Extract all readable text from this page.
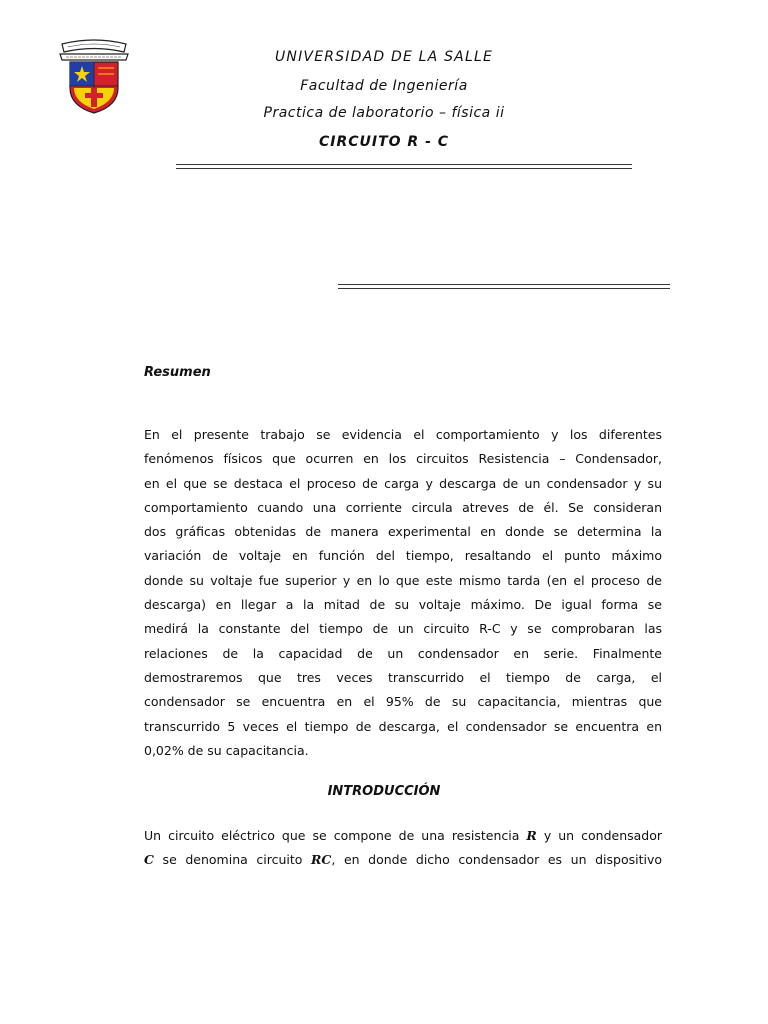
UNIVERSIDAD DE LA SALLE
Facultad de Ingeniería
Practica de laboratorio – física ii
CIRCUITO R - C
Resumen
En el presente trabajo se evidencia el comportamiento y los diferentes
fenómenos físicos que ocurren en los circuitos Resistencia – Condensador,
en el que se destaca el proceso de carga y descarga de un condensador y su
comportamiento cuando una corriente circula atreves de él. Se consideran
dos gráficas obtenidas de manera experimental en donde se determina la
variación de voltaje en función del tiempo, resaltando el punto máximo
donde su voltaje fue superior y en lo que este mismo tarda (en el proceso de
descarga) en llegar a la mitad de su voltaje máximo. De igual forma se
medirá la constante del tiempo de un circuito R-C y se comprobaran las
relaciones de la capacidad de un condensador en serie. Finalmente
demostraremos que tres veces transcurrido el tiempo de carga, el
condensador se encuentra en el 95% de su capacitancia, mientras que
transcurrido 5 veces el tiempo de descarga, el condensador se encuentra en
0,02% de su capacitancia.
INTRODUCCIÓN
Un circuito eléctrico que se compone de una resistencia R y un condensador
C se denomina circuito RC, en donde dicho condensador es un dispositivo
